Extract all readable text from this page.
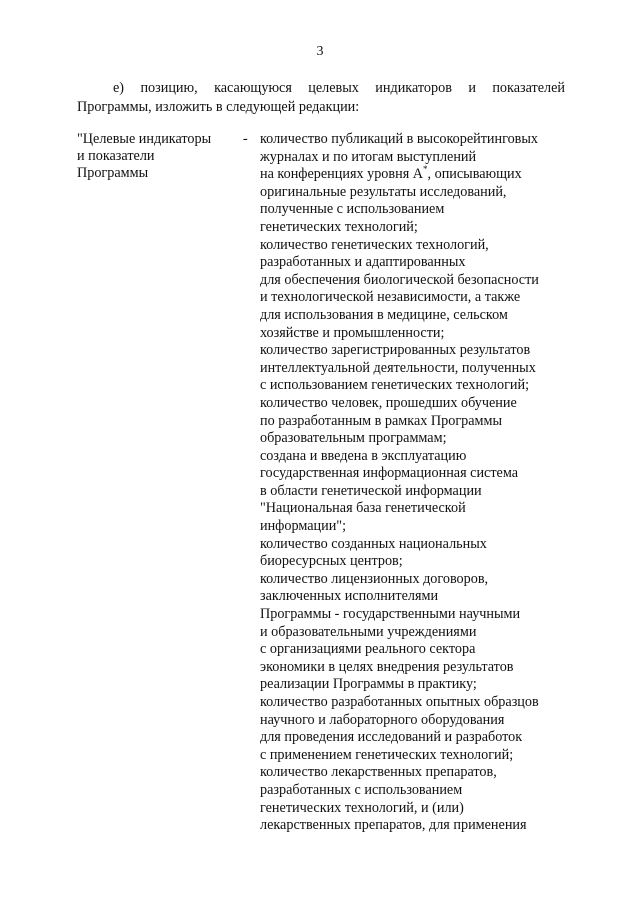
3
е) позицию, касающуюся целевых индикаторов и показателей
Программы, изложить в следующей редакции:
"Целевые индикаторы
и показатели
Программы
- количество публикаций в высокорейтинговых
журналах и по итогам выступлений
на конференциях уровня А*, описывающих
оригинальные результаты исследований,
полученные с использованием
генетических технологий;
количество генетических технологий,
разработанных и адаптированных
для обеспечения биологической безопасности
и технологической независимости, а также
для использования в медицине, сельском
хозяйстве и промышленности;
количество зарегистрированных результатов
интеллектуальной деятельности, полученных
с использованием генетических технологий;
количество человек, прошедших обучение
по разработанным в рамках Программы
образовательным программам;
создана и введена в эксплуатацию
государственная информационная система
в области генетической информации
"Национальная база генетической
информации";
количество созданных национальных
биоресурсных центров;
количество лицензионных договоров,
заключенных исполнителями
Программы - государственными научными
и образовательными учреждениями
с организациями реального сектора
экономики в целях внедрения результатов
реализации Программы в практику;
количество разработанных опытных образцов
научного и лабораторного оборудования
для проведения исследований и разработок
с применением генетических технологий;
количество лекарственных препаратов,
разработанных с использованием
генетических технологий, и (или)
лекарственных препаратов, для применения
